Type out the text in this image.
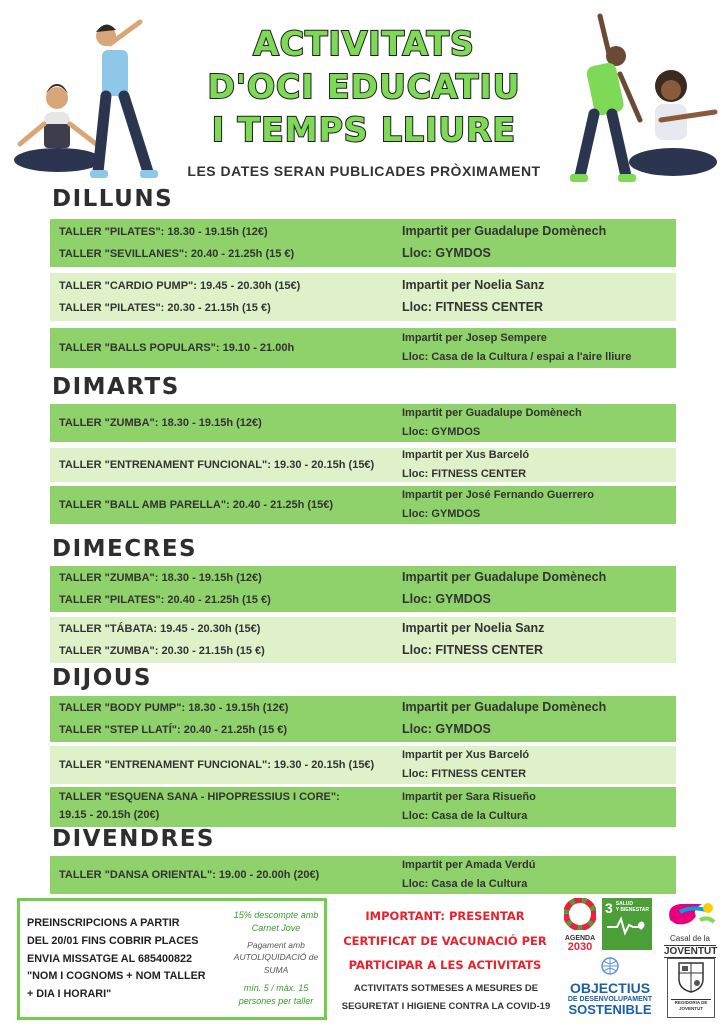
ACTIVITATS
D'OCI EDUCATIU
I TEMPS LLIURE
LES DATES SERAN PUBLICADES PRÒXIMAMENT
DILLUNS
TALLER "PILATES": 18.30 - 19.15h (12€)
TALLER "SEVILLANES": 20.40 - 21.25h (15 €)
Impartit per Guadalupe Domènech
Lloc: GYMDOS
TALLER "CARDIO PUMP": 19.45 - 20.30h (15€)
TALLER "PILATES": 20.30 - 21.15h (15 €)
Impartit per Noelia Sanz
Lloc: FITNESS CENTER
TALLER "BALLS POPULARS": 19.10 - 21.00h
Impartit per Josep Sempere
Lloc: Casa de la Cultura / espai a l'aire lliure
DIMARTS
TALLER "ZUMBA": 18.30 - 19.15h (12€)
Impartit per Guadalupe Domènech
Lloc: GYMDOS
TALLER "ENTRENAMENT FUNCIONAL": 19.30 - 20.15h (15€)
Impartit per Xus Barceló
Lloc: FITNESS CENTER
TALLER "BALL AMB PARELLA": 20.40 - 21.25h (15€)
Impartit per José Fernando Guerrero
Lloc: GYMDOS
DIMECRES
TALLER "ZUMBA": 18.30 - 19.15h (12€)
TALLER "PILATES": 20.40 - 21.25h (15 €)
Impartit per Guadalupe Domènech
Lloc: GYMDOS
TALLER "TÁBATA: 19.45 - 20.30h (15€)
TALLER "ZUMBA": 20.30 - 21.15h (15 €)
Impartit per Noelia Sanz
Lloc: FITNESS CENTER
DIJOUS
TALLER "BODY PUMP": 18.30 - 19.15h (12€)
TALLER "STEP LLATÍ": 20.40 - 21.25h (15 €)
Impartit per Guadalupe Domènech
Lloc: GYMDOS
TALLER "ENTRENAMENT FUNCIONAL": 19.30 - 20.15h (15€)
Impartit per Xus Barceló
Lloc: FITNESS CENTER
TALLER "ESQUENA SANA - HIPOPRESSIUS I CORE":
19.15 - 20.15h (20€)
Impartit per Sara Risueño
Lloc: Casa de la Cultura
DIVENDRES
TALLER "DANSA ORIENTAL": 19.00 - 20.00h (20€)
Impartit per Amada Verdú
Lloc: Casa de la Cultura
PREINSCRIPCIONS A PARTIR
DEL 20/01 FINS COBRIR PLACES
ENVIA MISSATGE AL 685400822
"NOM I COGNOMS + NOM TALLER
+ DIA I HORARI"
15% descompte amb Carnet Jove
Pagament amb AUTOLIQUIDACIÓ de SUMA
mín. 5 / màx. 15 persones per taller
IMPORTANT: PRESENTAR
CERTIFICAT DE VACUNACIÓ PER
PARTICIPAR A LES ACTIVITATS
ACTIVITATS SOTMESES A MESURES DE
SEGURETAT I HIGIENE CONTRA LA COVID-19
AGENDA
2030
3 SALUD
Y BIENESTAR
Casal de la
JOVENTUT
OBJECTIUS
DE DESENVOLUPAMENT
SOSTENIBLE	REGIDORIA DE
JOVENTUT
